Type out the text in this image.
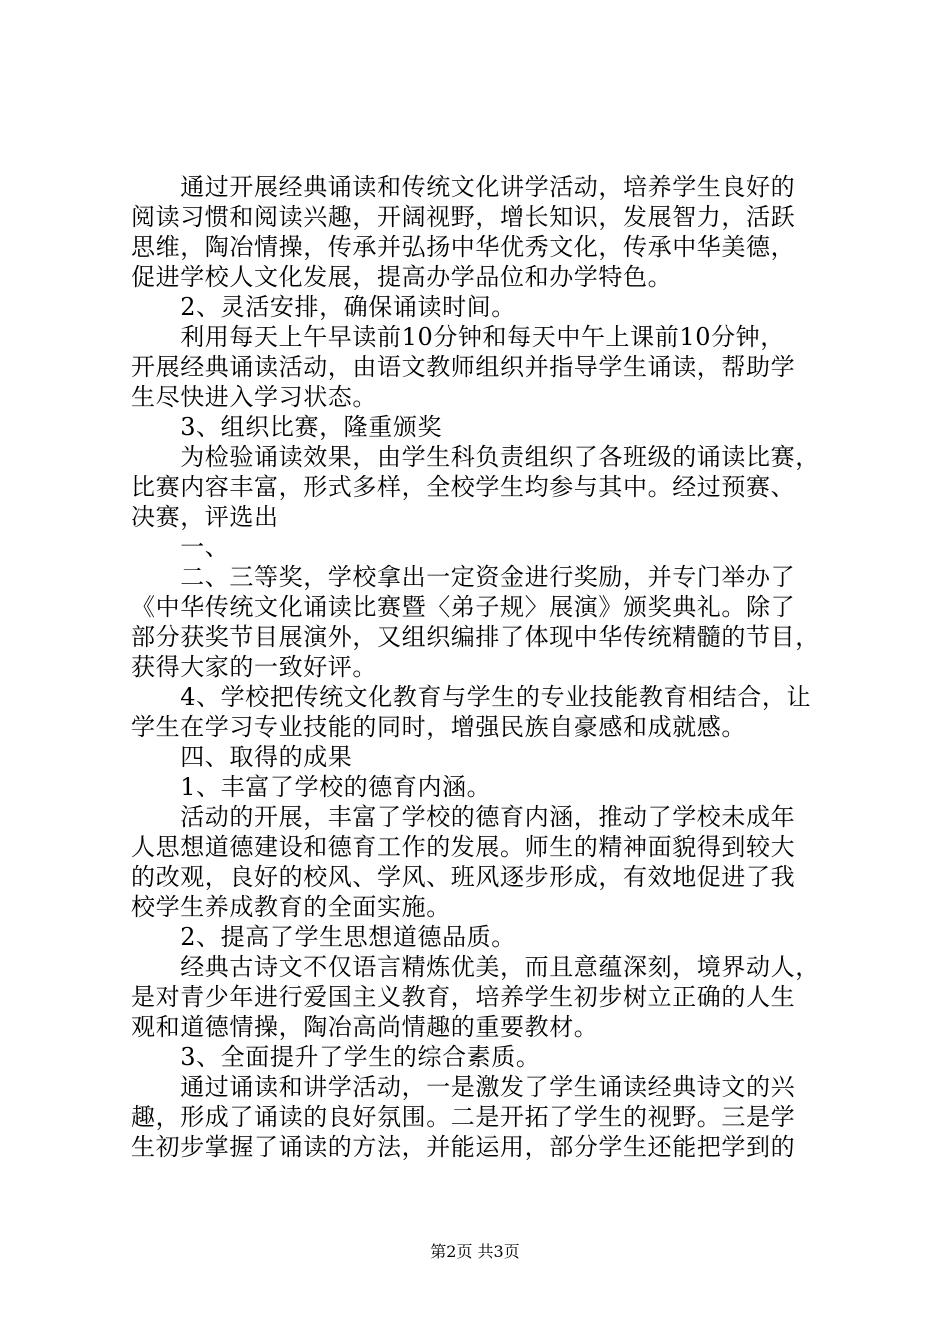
　　通过开展经典诵读和传统文化讲学活动，培养学生良好的
阅读习惯和阅读兴趣，开阔视野，增长知识，发展智力，活跃
思维，陶冶情操，传承并弘扬中华优秀文化，传承中华美德，
促进学校人文化发展，提高办学品位和办学特色。
　　2、灵活安排，确保诵读时间。
　　利用每天上午早读前10分钟和每天中午上课前10分钟，
开展经典诵读活动，由语文教师组织并指导学生诵读，帮助学
生尽快进入学习状态。
　　3、组织比赛，隆重颁奖
　　为检验诵读效果，由学生科负责组织了各班级的诵读比赛，
比赛内容丰富，形式多样，全校学生均参与其中。经过预赛、
决赛，评选出
　　一、
　　二、三等奖，学校拿出一定资金进行奖励，并专门举办了
《中华传统文化诵读比赛暨〈弟子规〉展演》颁奖典礼。除了
部分获奖节目展演外，又组织编排了体现中华传统精髓的节目，
获得大家的一致好评。
　　4、学校把传统文化教育与学生的专业技能教育相结合，让
学生在学习专业技能的同时，增强民族自豪感和成就感。
　　四、取得的成果
　　1、丰富了学校的德育内涵。
　　活动的开展，丰富了学校的德育内涵，推动了学校未成年
人思想道德建设和德育工作的发展。师生的精神面貌得到较大
的改观，良好的校风、学风、班风逐步形成，有效地促进了我
校学生养成教育的全面实施。
　　2、提高了学生思想道德品质。
　　经典古诗文不仅语言精炼优美，而且意蕴深刻，境界动人，
是对青少年进行爱国主义教育，培养学生初步树立正确的人生
观和道德情操，陶冶高尚情趣的重要教材。
　　3、全面提升了学生的综合素质。
　　通过诵读和讲学活动，一是激发了学生诵读经典诗文的兴
趣，形成了诵读的良好氛围。二是开拓了学生的视野。三是学
生初步掌握了诵读的方法，并能运用，部分学生还能把学到的
第2页 共3页
